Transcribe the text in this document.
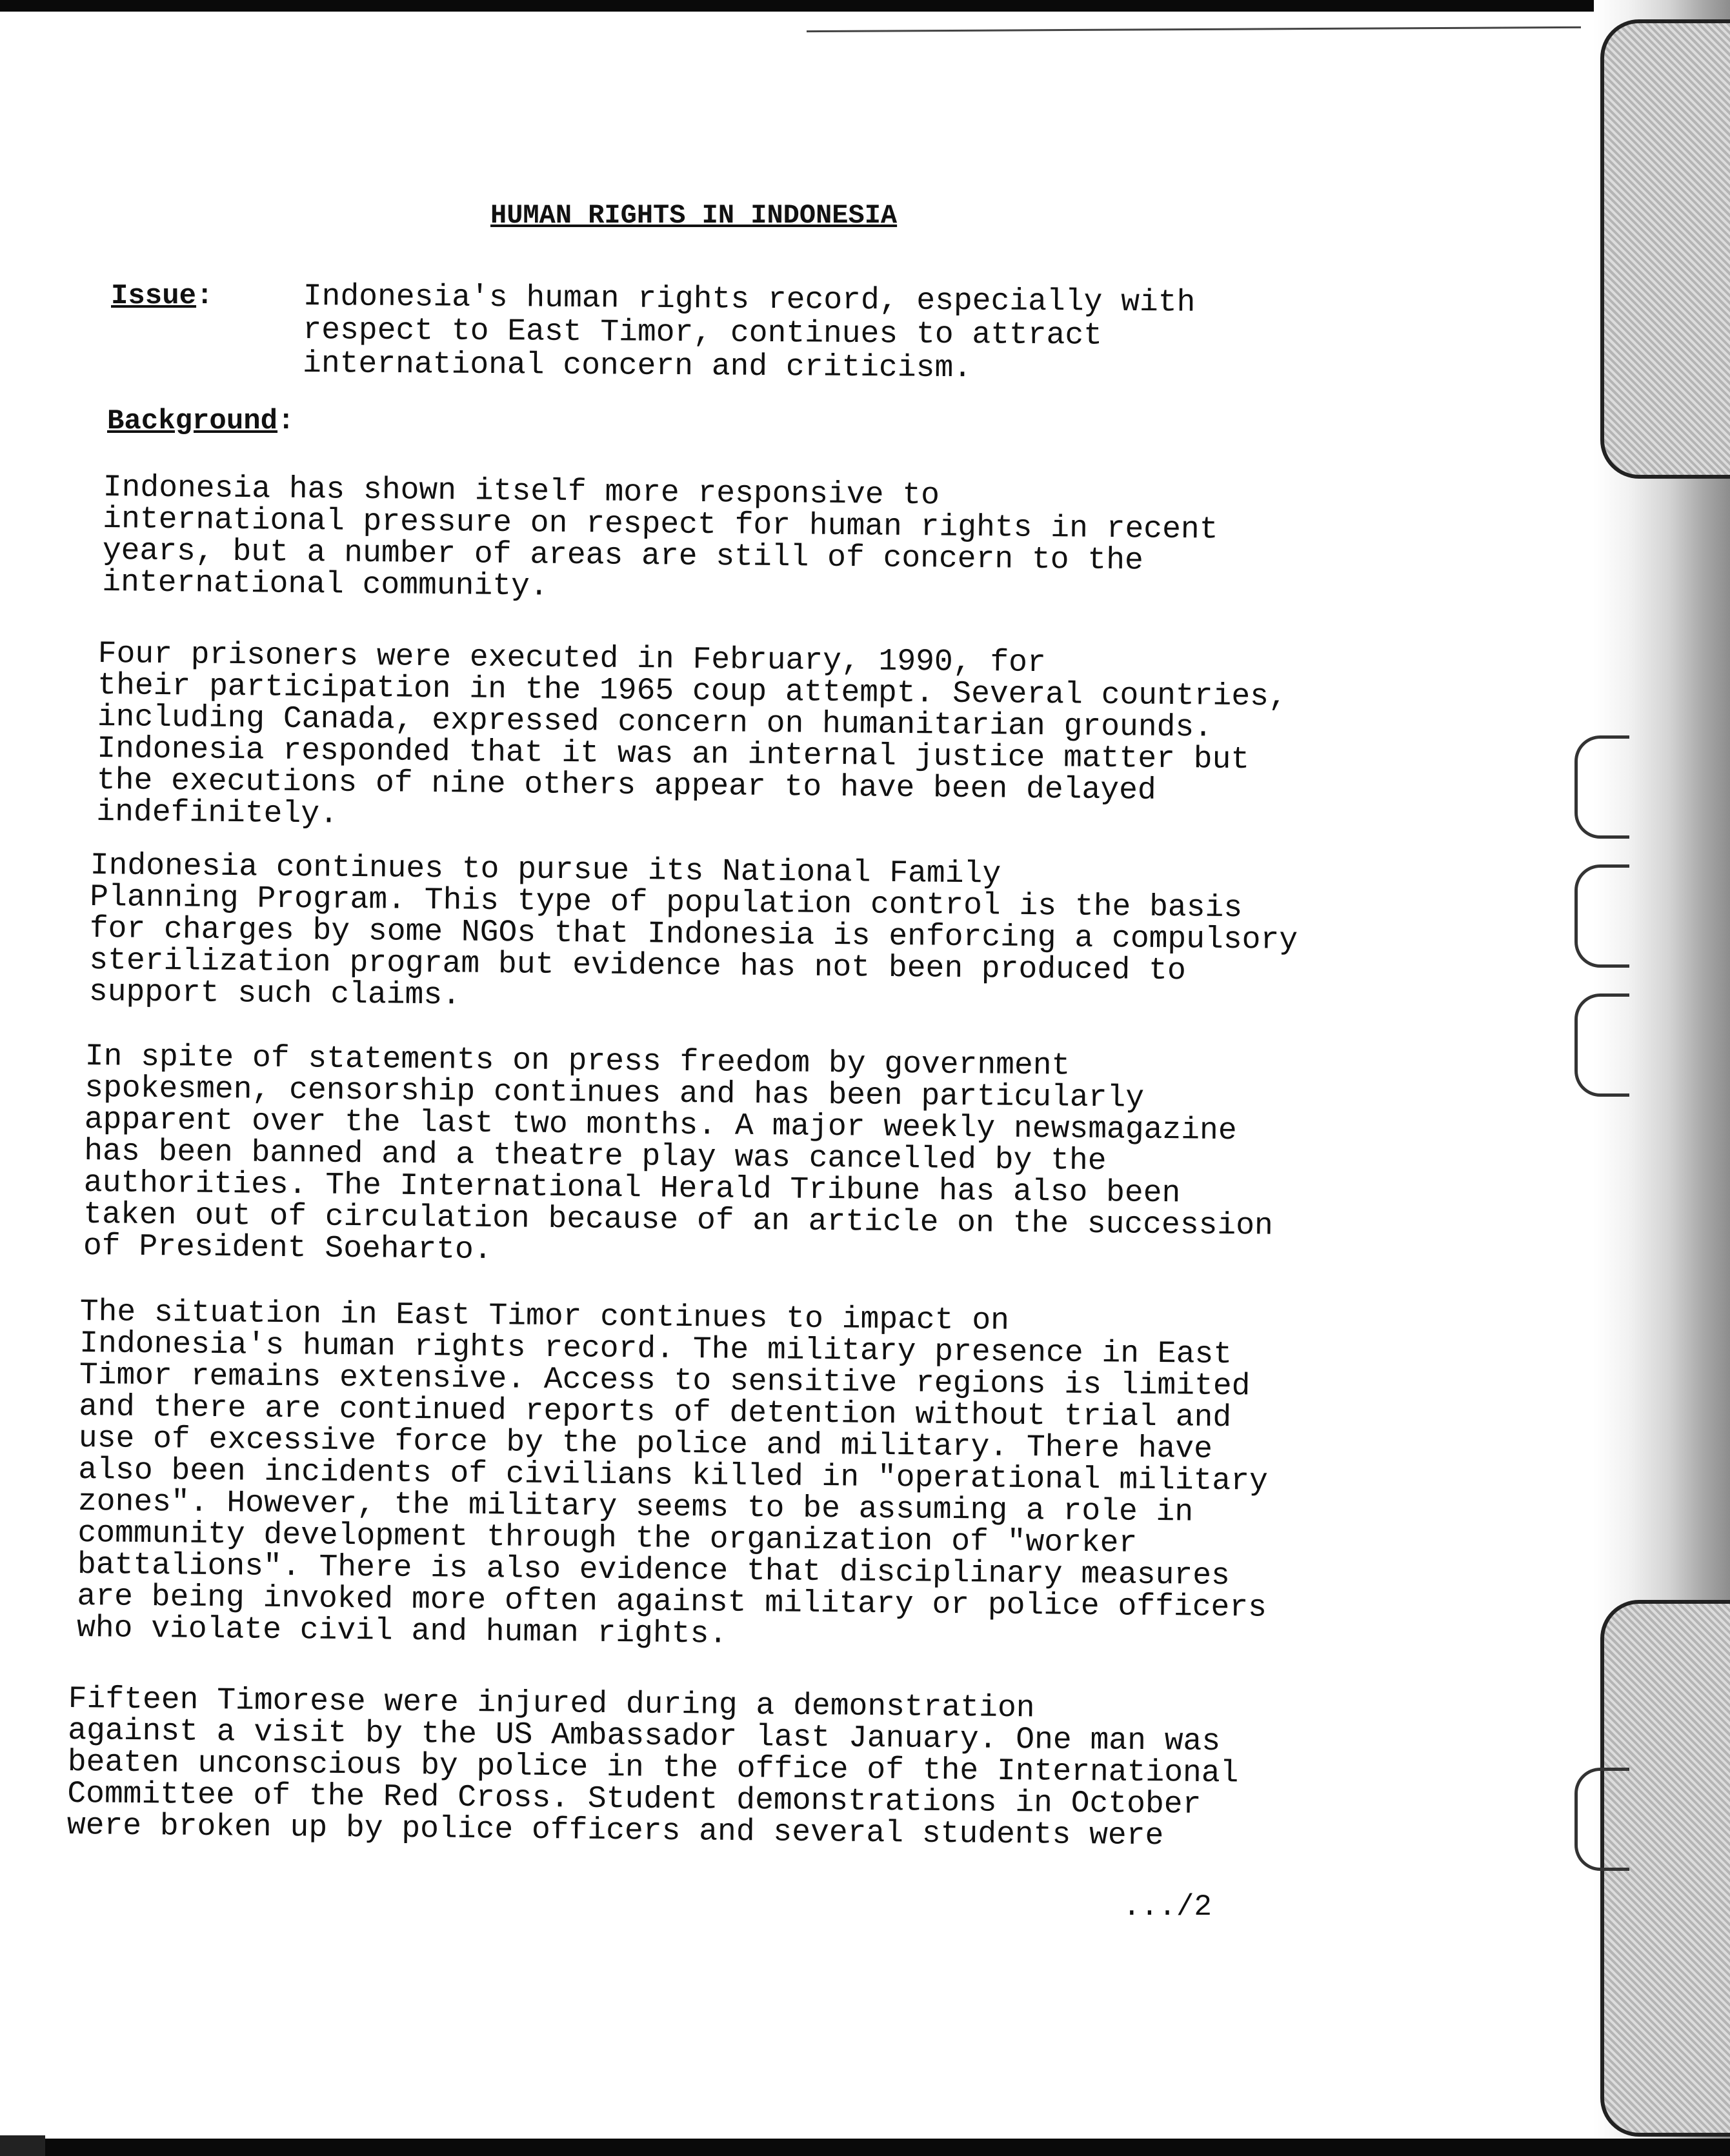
HUMAN RIGHTS IN INDONESIA
Issue:	Indonesia's human rights record, especially with
respect to East Timor, continues to attract
international concern and criticism.
Background:
Indonesia has shown itself more responsive to
international pressure on respect for human rights in recent
years, but a number of areas are still of concern to the
international community.
Four prisoners were executed in February, 1990, for
their participation in the 1965 coup attempt. Several countries,
including Canada, expressed concern on humanitarian grounds.
Indonesia responded that it was an internal justice matter but
the executions of nine others appear to have been delayed
indefinitely.
Indonesia continues to pursue its National Family
Planning Program. This type of population control is the basis
for charges by some NGOs that Indonesia is enforcing a compulsory
sterilization program but evidence has not been produced to
support such claims.
In spite of statements on press freedom by government
spokesmen, censorship continues and has been particularly
apparent over the last two months. A major weekly newsmagazine
has been banned and a theatre play was cancelled by the
authorities. The International Herald Tribune has also been
taken out of circulation because of an article on the succession
of President Soeharto.
The situation in East Timor continues to impact on
Indonesia's human rights record. The military presence in East
Timor remains extensive. Access to sensitive regions is limited
and there are continued reports of detention without trial and
use of excessive force by the police and military. There have
also been incidents of civilians killed in "operational military
zones". However, the military seems to be assuming a role in
community development through the organization of "worker
battalions". There is also evidence that disciplinary measures
are being invoked more often against military or police officers
who violate civil and human rights.
Fifteen Timorese were injured during a demonstration
against a visit by the US Ambassador last January. One man was
beaten unconscious by police in the office of the International
Committee of the Red Cross. Student demonstrations in October
were broken up by police officers and several students were
.../2
